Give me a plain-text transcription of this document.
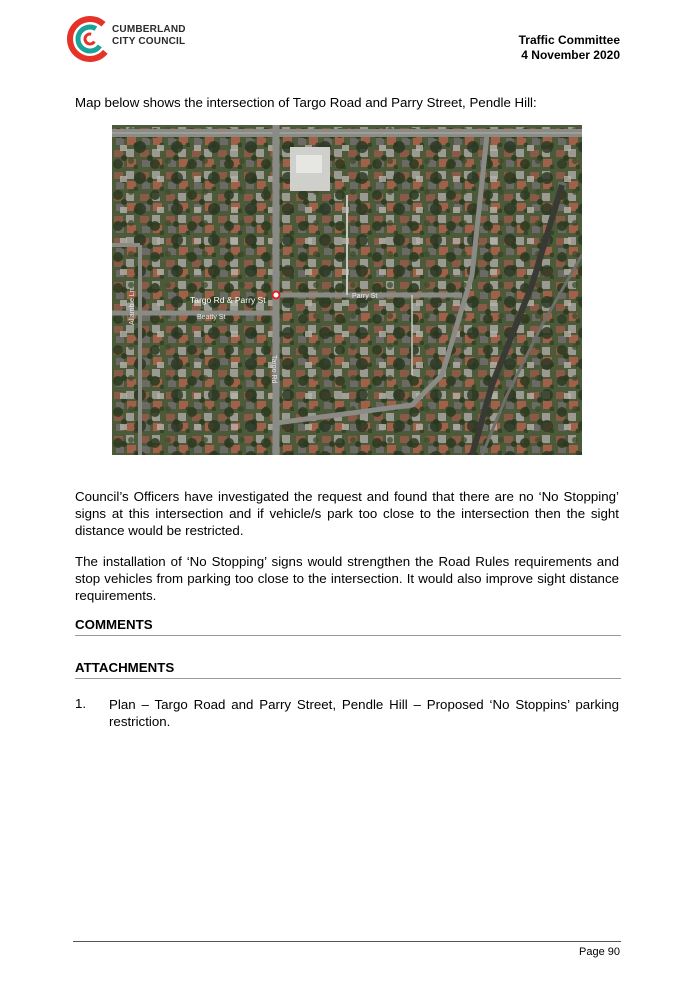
CUMBERLAND
CITY COUNCIL	Traffic Committee
4 November 2020
Map below shows the intersection of Targo Road and Parry Street, Pendle Hill:
Parry St
Targo Rd
Beatty St
Allambie Ln	Targo Rd & Parry St
Council’s Officers have investigated the request and found that there are no ‘No Stopping’ signs at this intersection and if vehicle/s park too close to the intersection then the sight distance would be restricted.
The installation of ‘No Stopping’ signs would strengthen the Road Rules requirements and stop vehicles from parking too close to the intersection. It would also improve sight distance requirements.
COMMENTS
ATTACHMENTS
1. Plan – Targo Road and Parry Street, Pendle Hill – Proposed ‘No Stoppins’ parking restriction.
Page 90
